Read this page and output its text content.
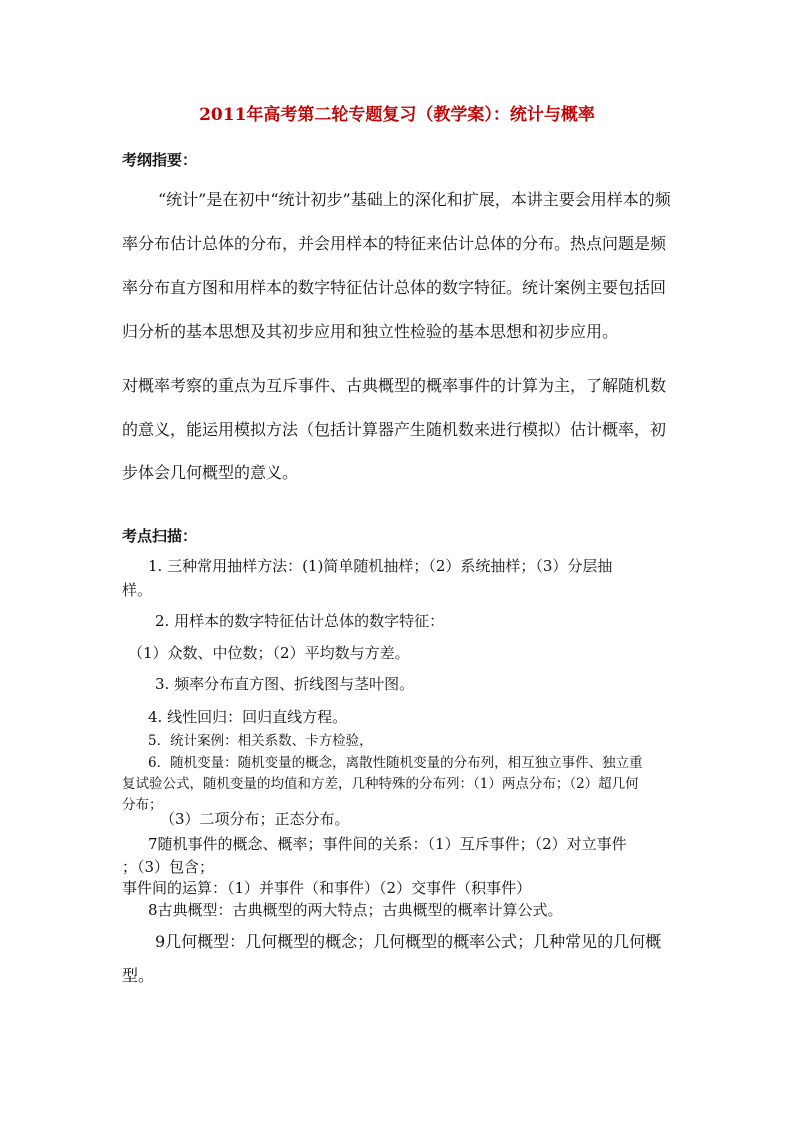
2011年高考第二轮专题复习（教学案）：统计与概率
考纲指要：
“统计”是在初中“统计初步”基础上的深化和扩展，本讲主要会用样本的频
率分布估计总体的分布，并会用样本的特征来估计总体的分布。热点问题是频
率分布直方图和用样本的数字特征估计总体的数字特征。统计案例主要包括回
归分析的基本思想及其初步应用和独立性检验的基本思想和初步应用。
对概率考察的重点为互斥事件、古典概型的概率事件的计算为主，了解随机数
的意义，能运用模拟方法（包括计算器产生随机数来进行模拟）估计概率，初
步体会几何概型的意义。
考点扫描：
1. 三种常用抽样方法：(1)简单随机抽样；（2）系统抽样；（3）分层抽
样。
2. 用样本的数字特征估计总体的数字特征：
（1）众数、中位数；（2）平均数与方差。
3. 频率分布直方图、折线图与茎叶图。
4. 线性回归：回归直线方程。
5．统计案例：相关系数、卡方检验，
6．随机变量：随机变量的概念，离散性随机变量的分布列，相互独立事件、独立重
复试验公式，随机变量的均值和方差，几种特殊的分布列：（1）两点分布；（2）超几何
分布；
（3）二项分布；正态分布。
7随机事件的概念、概率；事件间的关系：（1）互斥事件；（2）对立事件
；（3）包含；
事件间的运算：（1）并事件（和事件）（2）交事件（积事件）
8古典概型：古典概型的两大特点；古典概型的概率计算公式。
9几何概型：几何概型的概念；几何概型的概率公式；几种常见的几何概
型。
